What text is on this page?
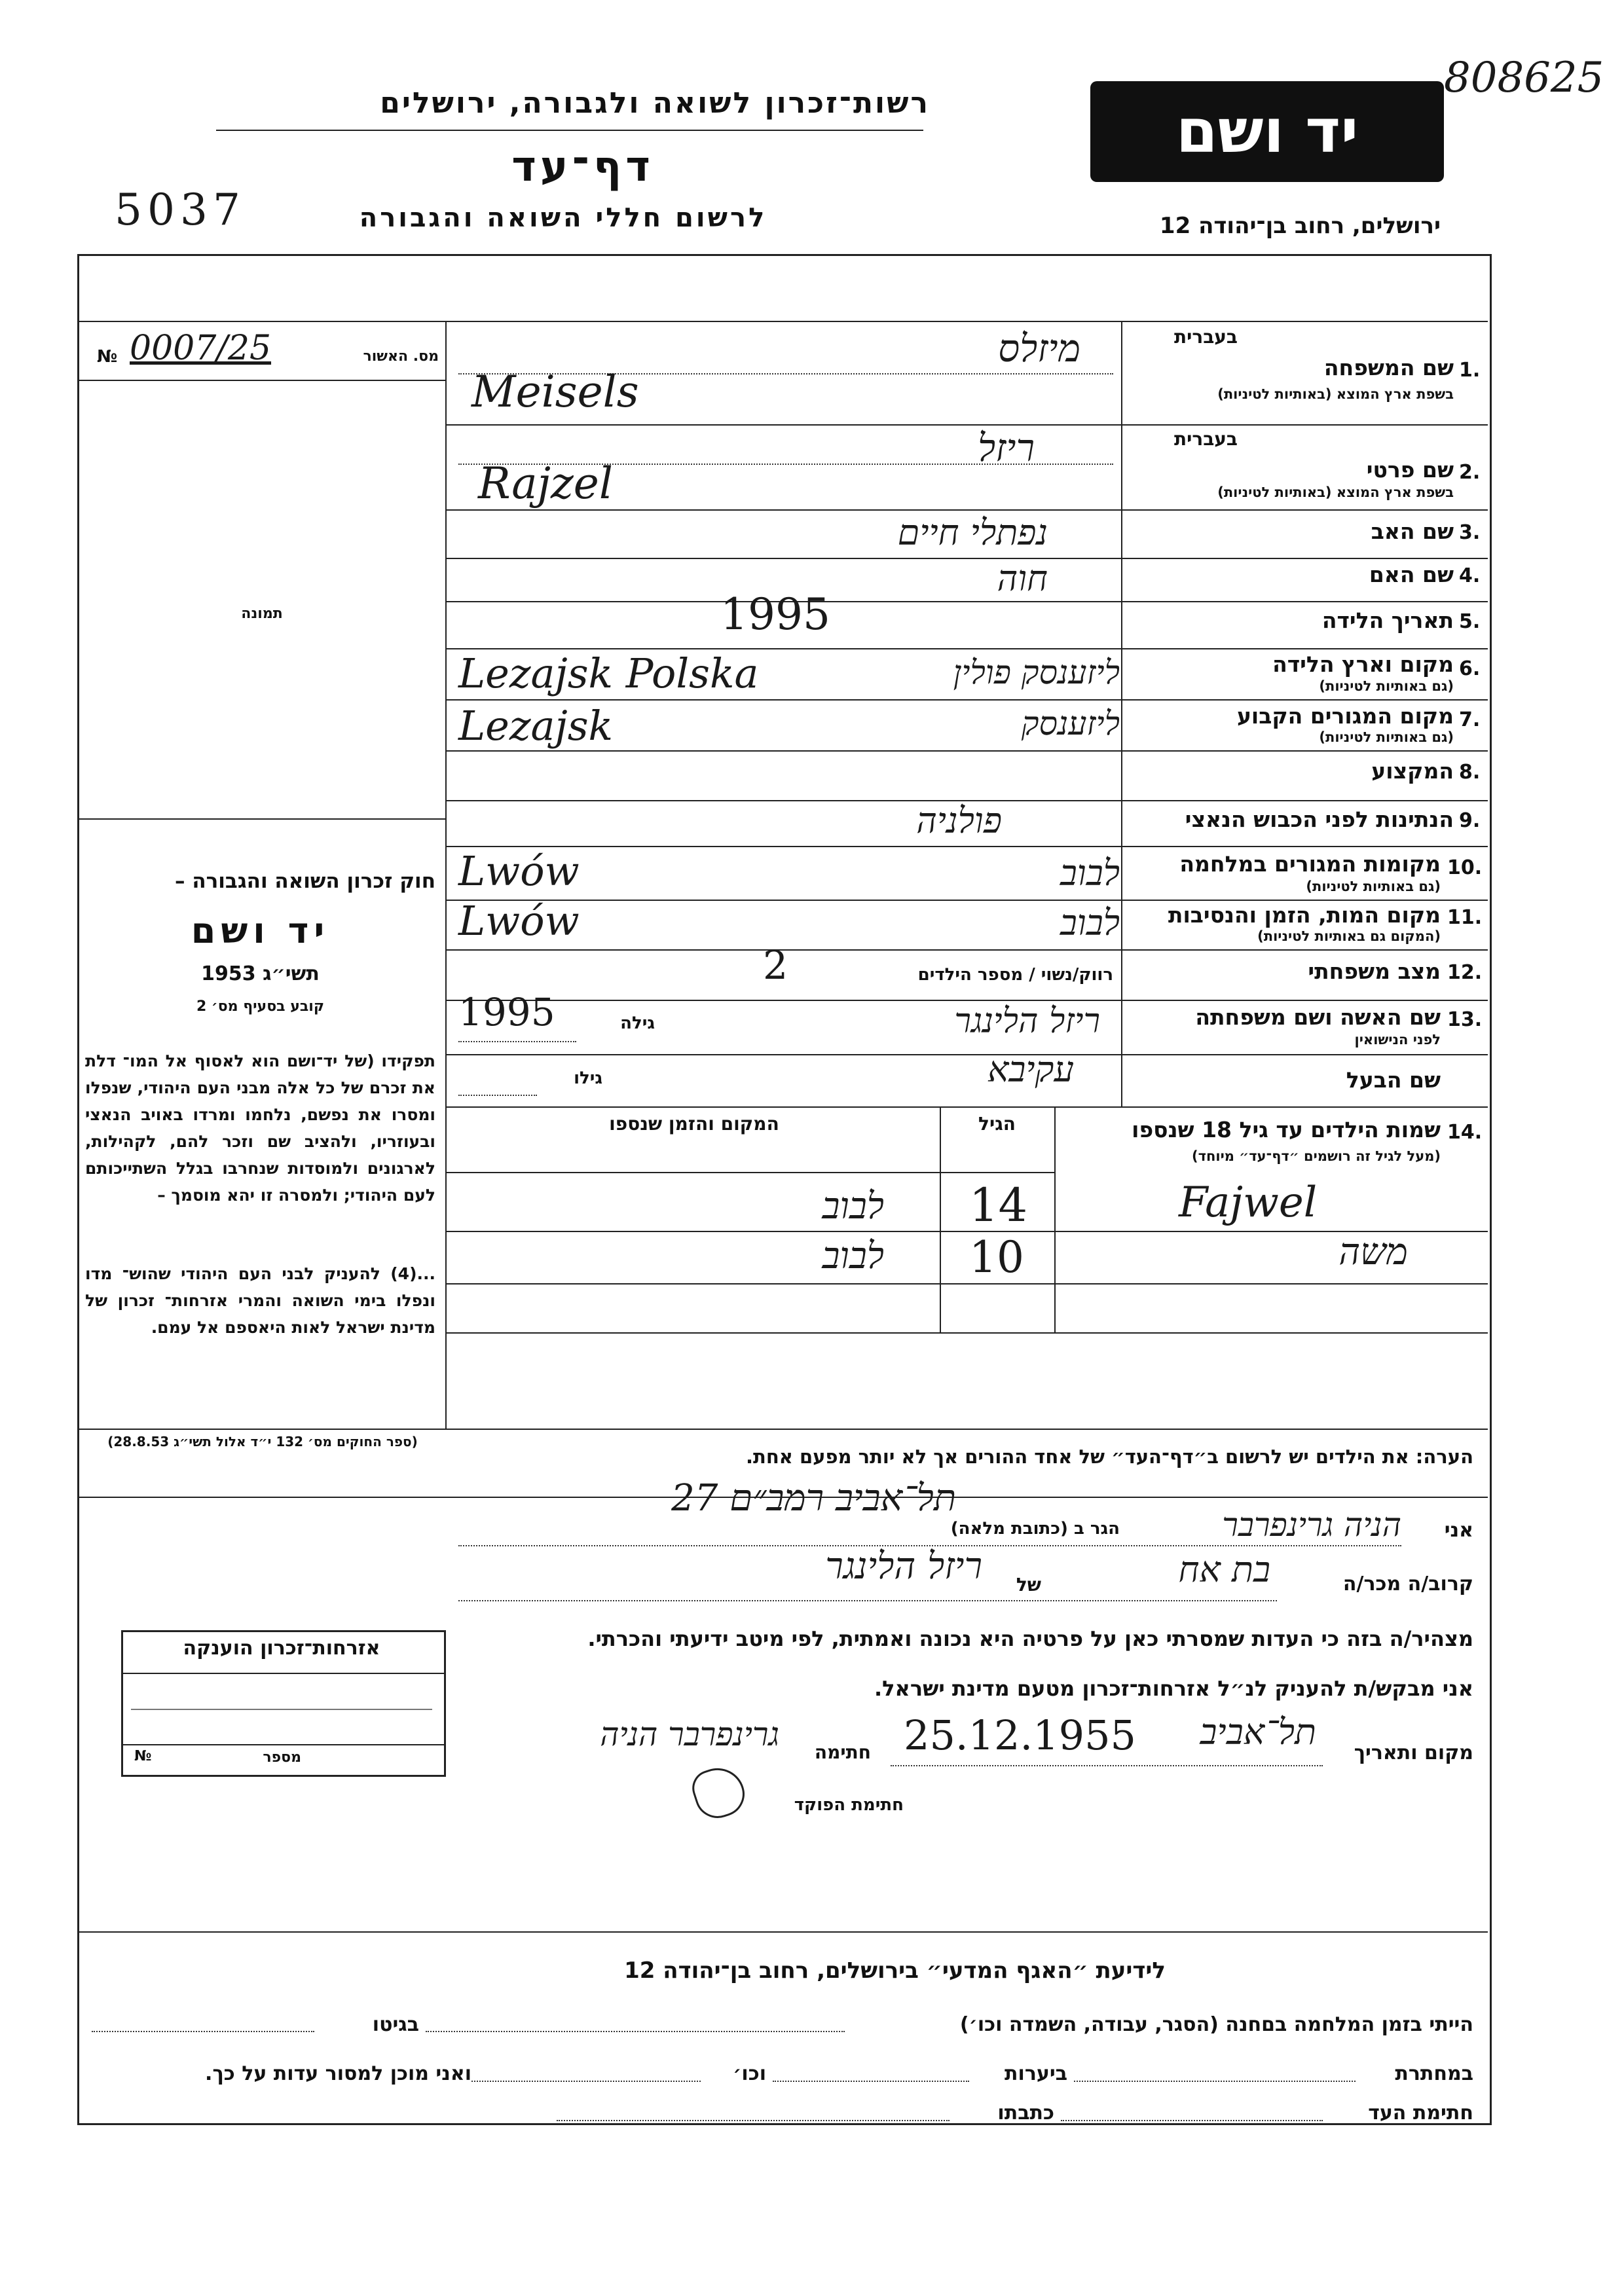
רשות־זכרון לשואה ולגבורה, ירושלים
דף־עד
לרשום חללי השואה והגבורה
5037
יד ושם
808625
ירושלים, רחוב בן־יהודה 12
№ 0007/25	מס. האשור
תמונה
חוק זכרון השואה והגבורה –
יד ושם
תשי״ג 1953
קובע בסעיף מס׳ 2
תפקידו (של יד־ושם הוא לאסוף אל המו־ דלת את זכרם של כל אלה מבני העם היהודי, שנפלו ומסרו את נפשם, נלחמו ומרדו באויב הנאצי ובעוזריו, ולהציב שם וזכר להם, לקהילות, לארגונים ולמוסדות שנחרבו בגלל השתייכותם לעם היהודי; ולמסרה זו יהא מוסמך –
...(4) להעניק לבני העם היהודי שהוש־ מדו ונפלו בימי השואה והמרי אזרחות־ זכרון של מדינת ישראל לאות היאספם אל עמם.
(ספר החוקים מס׳ 132 י״ד אלול תשי״ג 28.8.53)
בעברית
1.
שם המשפחה
בשפת ארץ המוצא (באותיות לטיניות)
מיזלס
Meisels
בעברית
2.
שם פרטי
בשפת ארץ המוצא (באותיות לטיניות)
ריזל
Rajzel
3.
שם האב
נפתלי חיים
4.
שם האם
חוה
5.
תאריך הלידה
1995
6.
מקום וארץ הלידה
(גם באותיות לטיניות)
Lezajsk Polska	ליזענסק פולין
7.
מקום המגורים הקבוע
(גם באותיות לטיניות)
Lezajsk	ליזענסק
8.
המקצוע
9.
הנתינות לפני הכבוש הנאצי
פולניה
10.
מקומות המגורים במלחמה
(גם באותיות לטיניות)
Lwów	לבוב
11.
מקום המות, הזמן והנסיבות
(המקום גם באותיות לטיניות)
Lwów	לבוב
12.
מצב משפחתי
רווק/נשוי / מספר הילדים
2
13.
שם האשה ושם משפחתה
לפני הנישואין
1995	גילה	ריזל הלינגר
שם הבעל
עקיבא
גילו
14.
שמות הילדים עד גיל 18 שנספו
(מעל לגיל זה רושמים ״דף־עד״ מיוחד)
הגיל
המקום והזמן שנספו
Fajwel
14
לבוב
משה
10
לבוב
הערה: את הילדים יש לרשום ב״דף־העד״ של אחד ההורים אך לא יותר מפעם אחת.
אני
הניה גרינפרבר
הגר ב (כתובת מלאה)
תל־אביב רמב״ם 27
קרוב/ה מכר/ה
בת אח
של
ריזל הלינגר
מצהיר/ה בזה כי העדות שמסרתי כאן על פרטיה היא נכונה ואמתית, לפי מיטב ידיעתי והכרתי.
אני מבקש/ת להעניק לנ״ל אזרחות־זכרון מטעם מדינת ישראל.
מקום ותאריך
תל־אביב
25.12.1955
חתימה
גרינפרבר הניה
חתימת הפוקד
אזרחות־זכרון הוענקה
מספר
№
לידיעת ״האגף המדעי״ בירושלים, רחוב בן־יהודה 12
הייתי בזמן המלחמה בםחנה (הסגר, עבודה, השמדה וכו׳)
בגיטו
במחתרת
ביערות
וכו׳
ואני מוכן למסור עדות על כך.
חתימת העד
כתבתו
